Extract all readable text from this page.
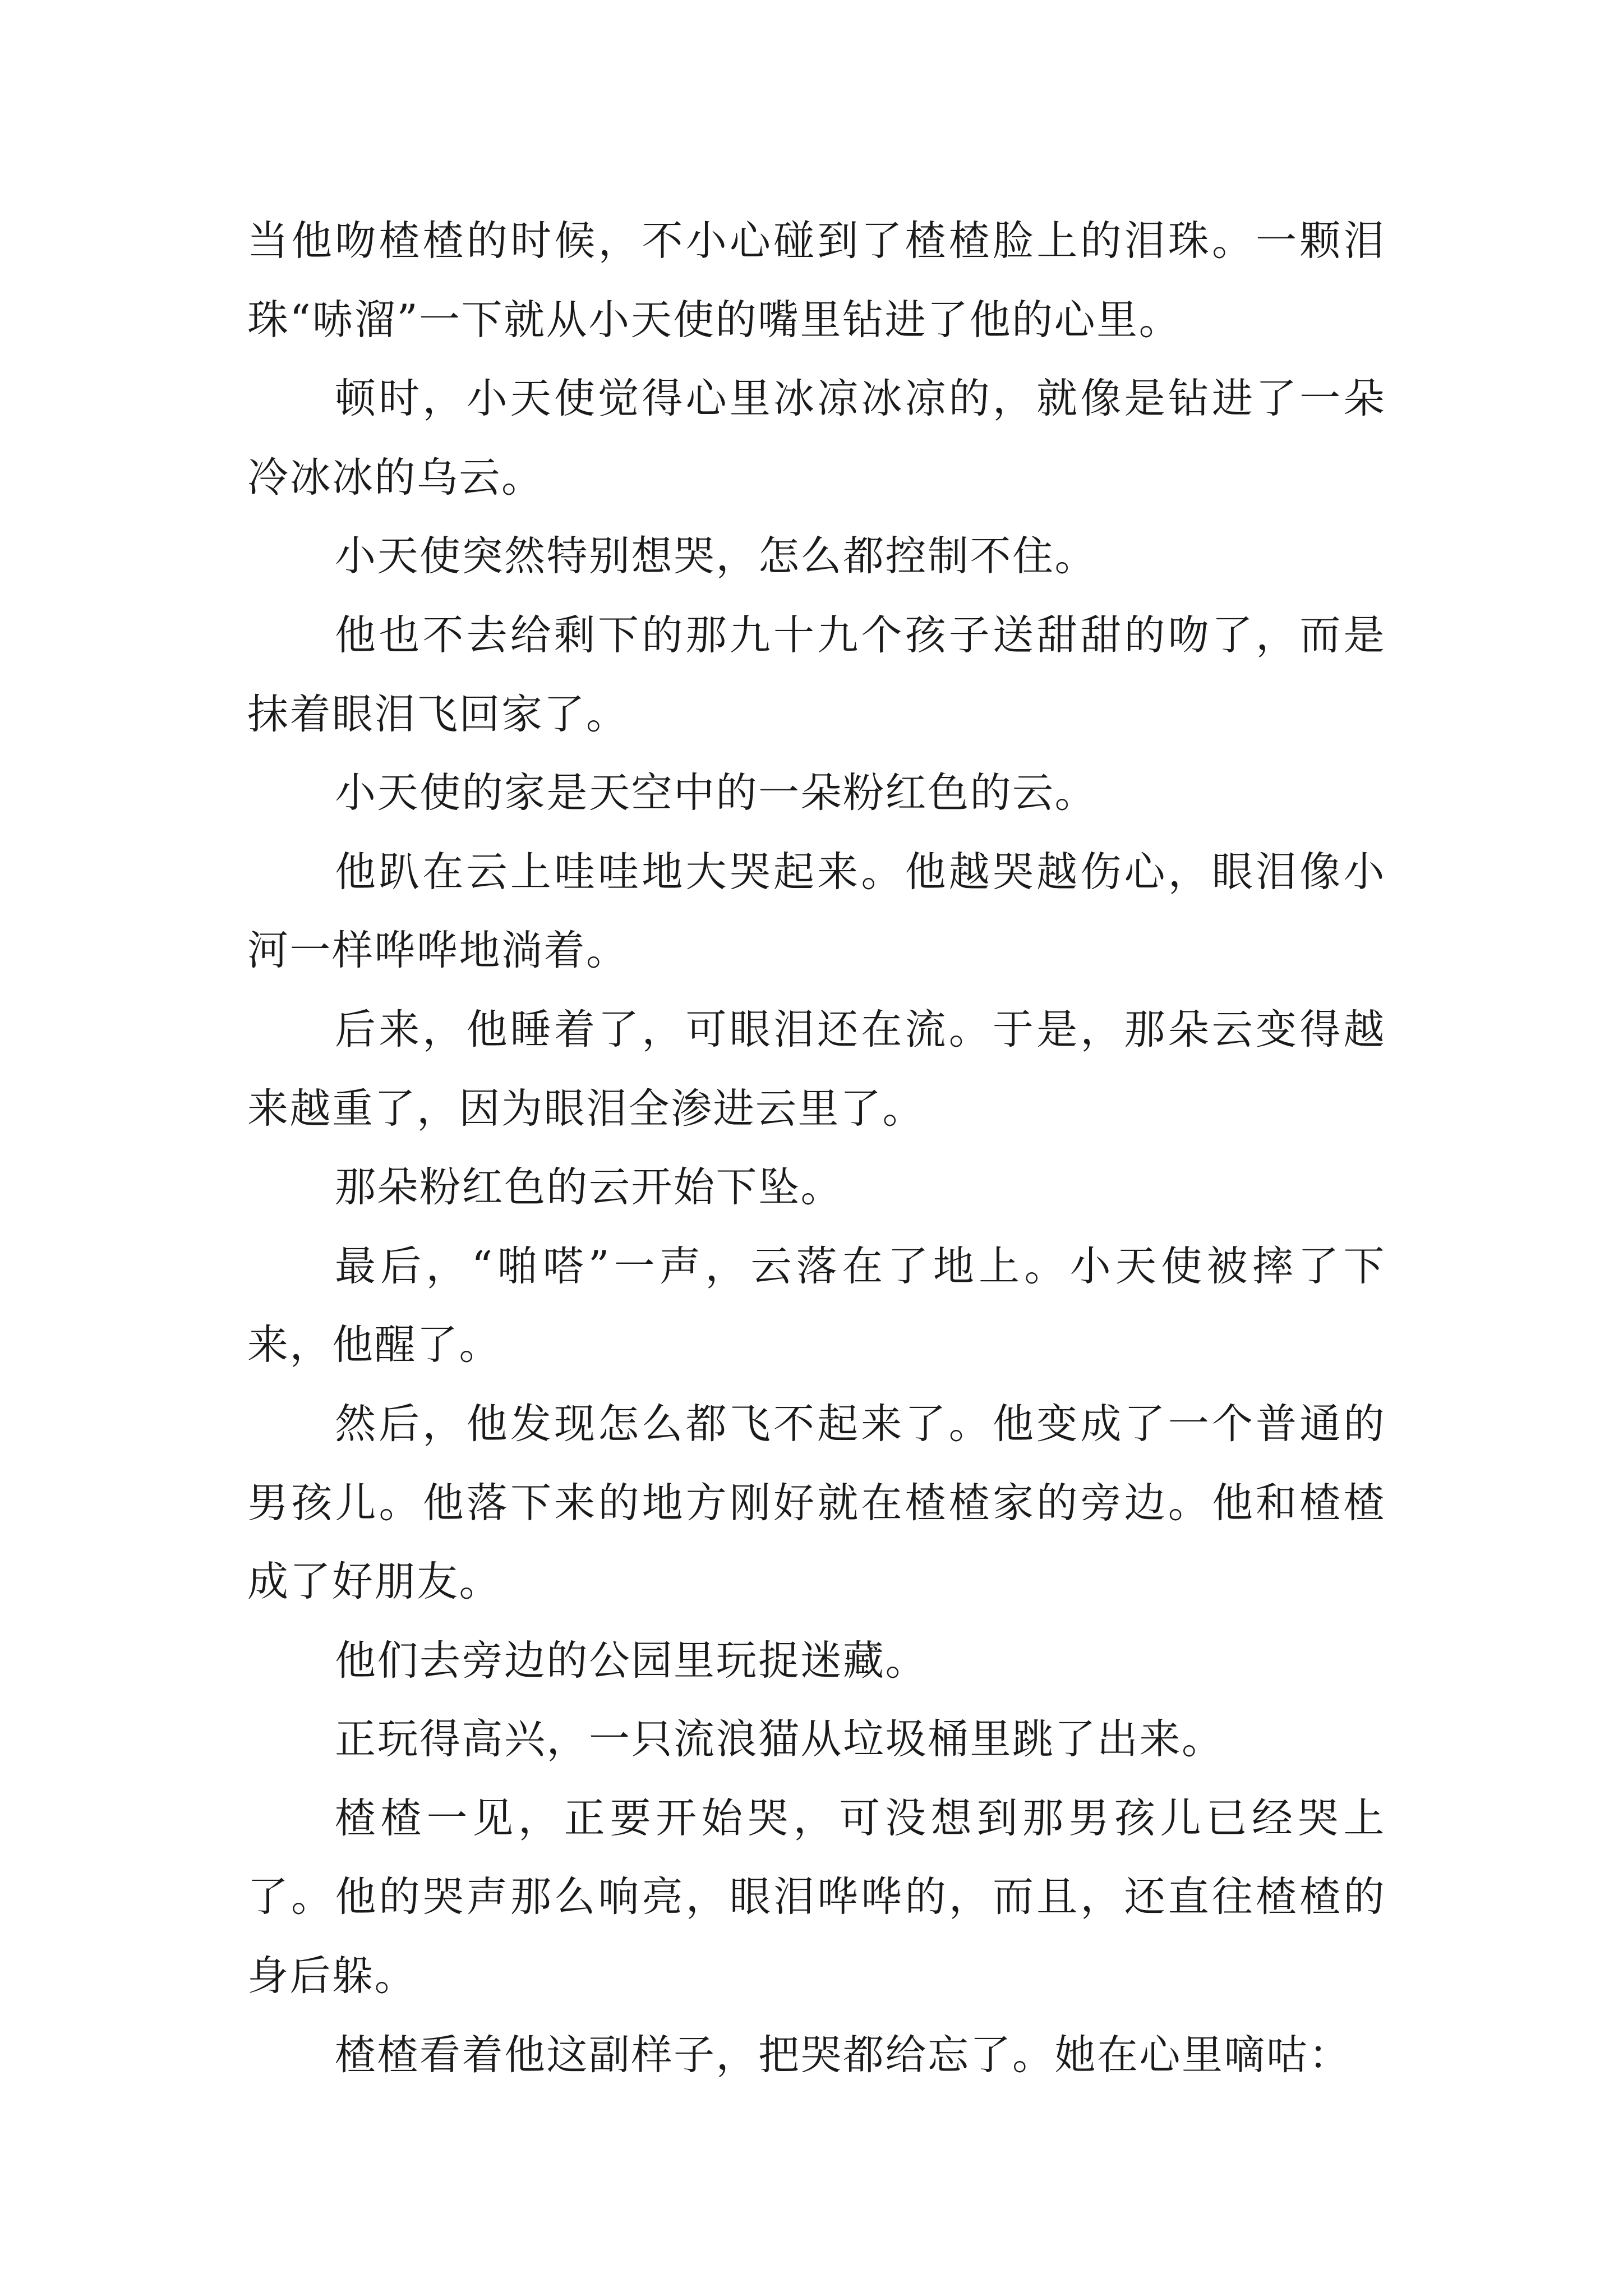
当他吻楂楂的时候，不小心碰到了楂楂脸上的泪珠。一颗泪珠“哧溜”一下就从小天使的嘴里钻进了他的心里。

顿时，小天使觉得心里冰凉冰凉的，就像是钻进了一朵冷冰冰的乌云。

小天使突然特别想哭，怎么都控制不住。

他也不去给剩下的那九十九个孩子送甜甜的吻了，而是抹着眼泪飞回家了。

小天使的家是天空中的一朵粉红色的云。

他趴在云上哇哇地大哭起来。他越哭越伤心，眼泪像小河一样哗哗地淌着。

后来，他睡着了，可眼泪还在流。于是，那朵云变得越来越重了，因为眼泪全渗进云里了。

那朵粉红色的云开始下坠。

最后，“啪嗒”一声，云落在了地上。小天使被摔了下来，他醒了。

然后，他发现怎么都飞不起来了。他变成了一个普通的男孩儿。他落下来的地方刚好就在楂楂家的旁边。他和楂楂成了好朋友。

他们去旁边的公园里玩捉迷藏。

正玩得高兴，一只流浪猫从垃圾桶里跳了出来。

楂楂一见，正要开始哭，可没想到那男孩儿已经哭上了。他的哭声那么响亮，眼泪哗哗的，而且，还直往楂楂的身后躲。

楂楂看着他这副样子，把哭都给忘了。她在心里嘀咕：
